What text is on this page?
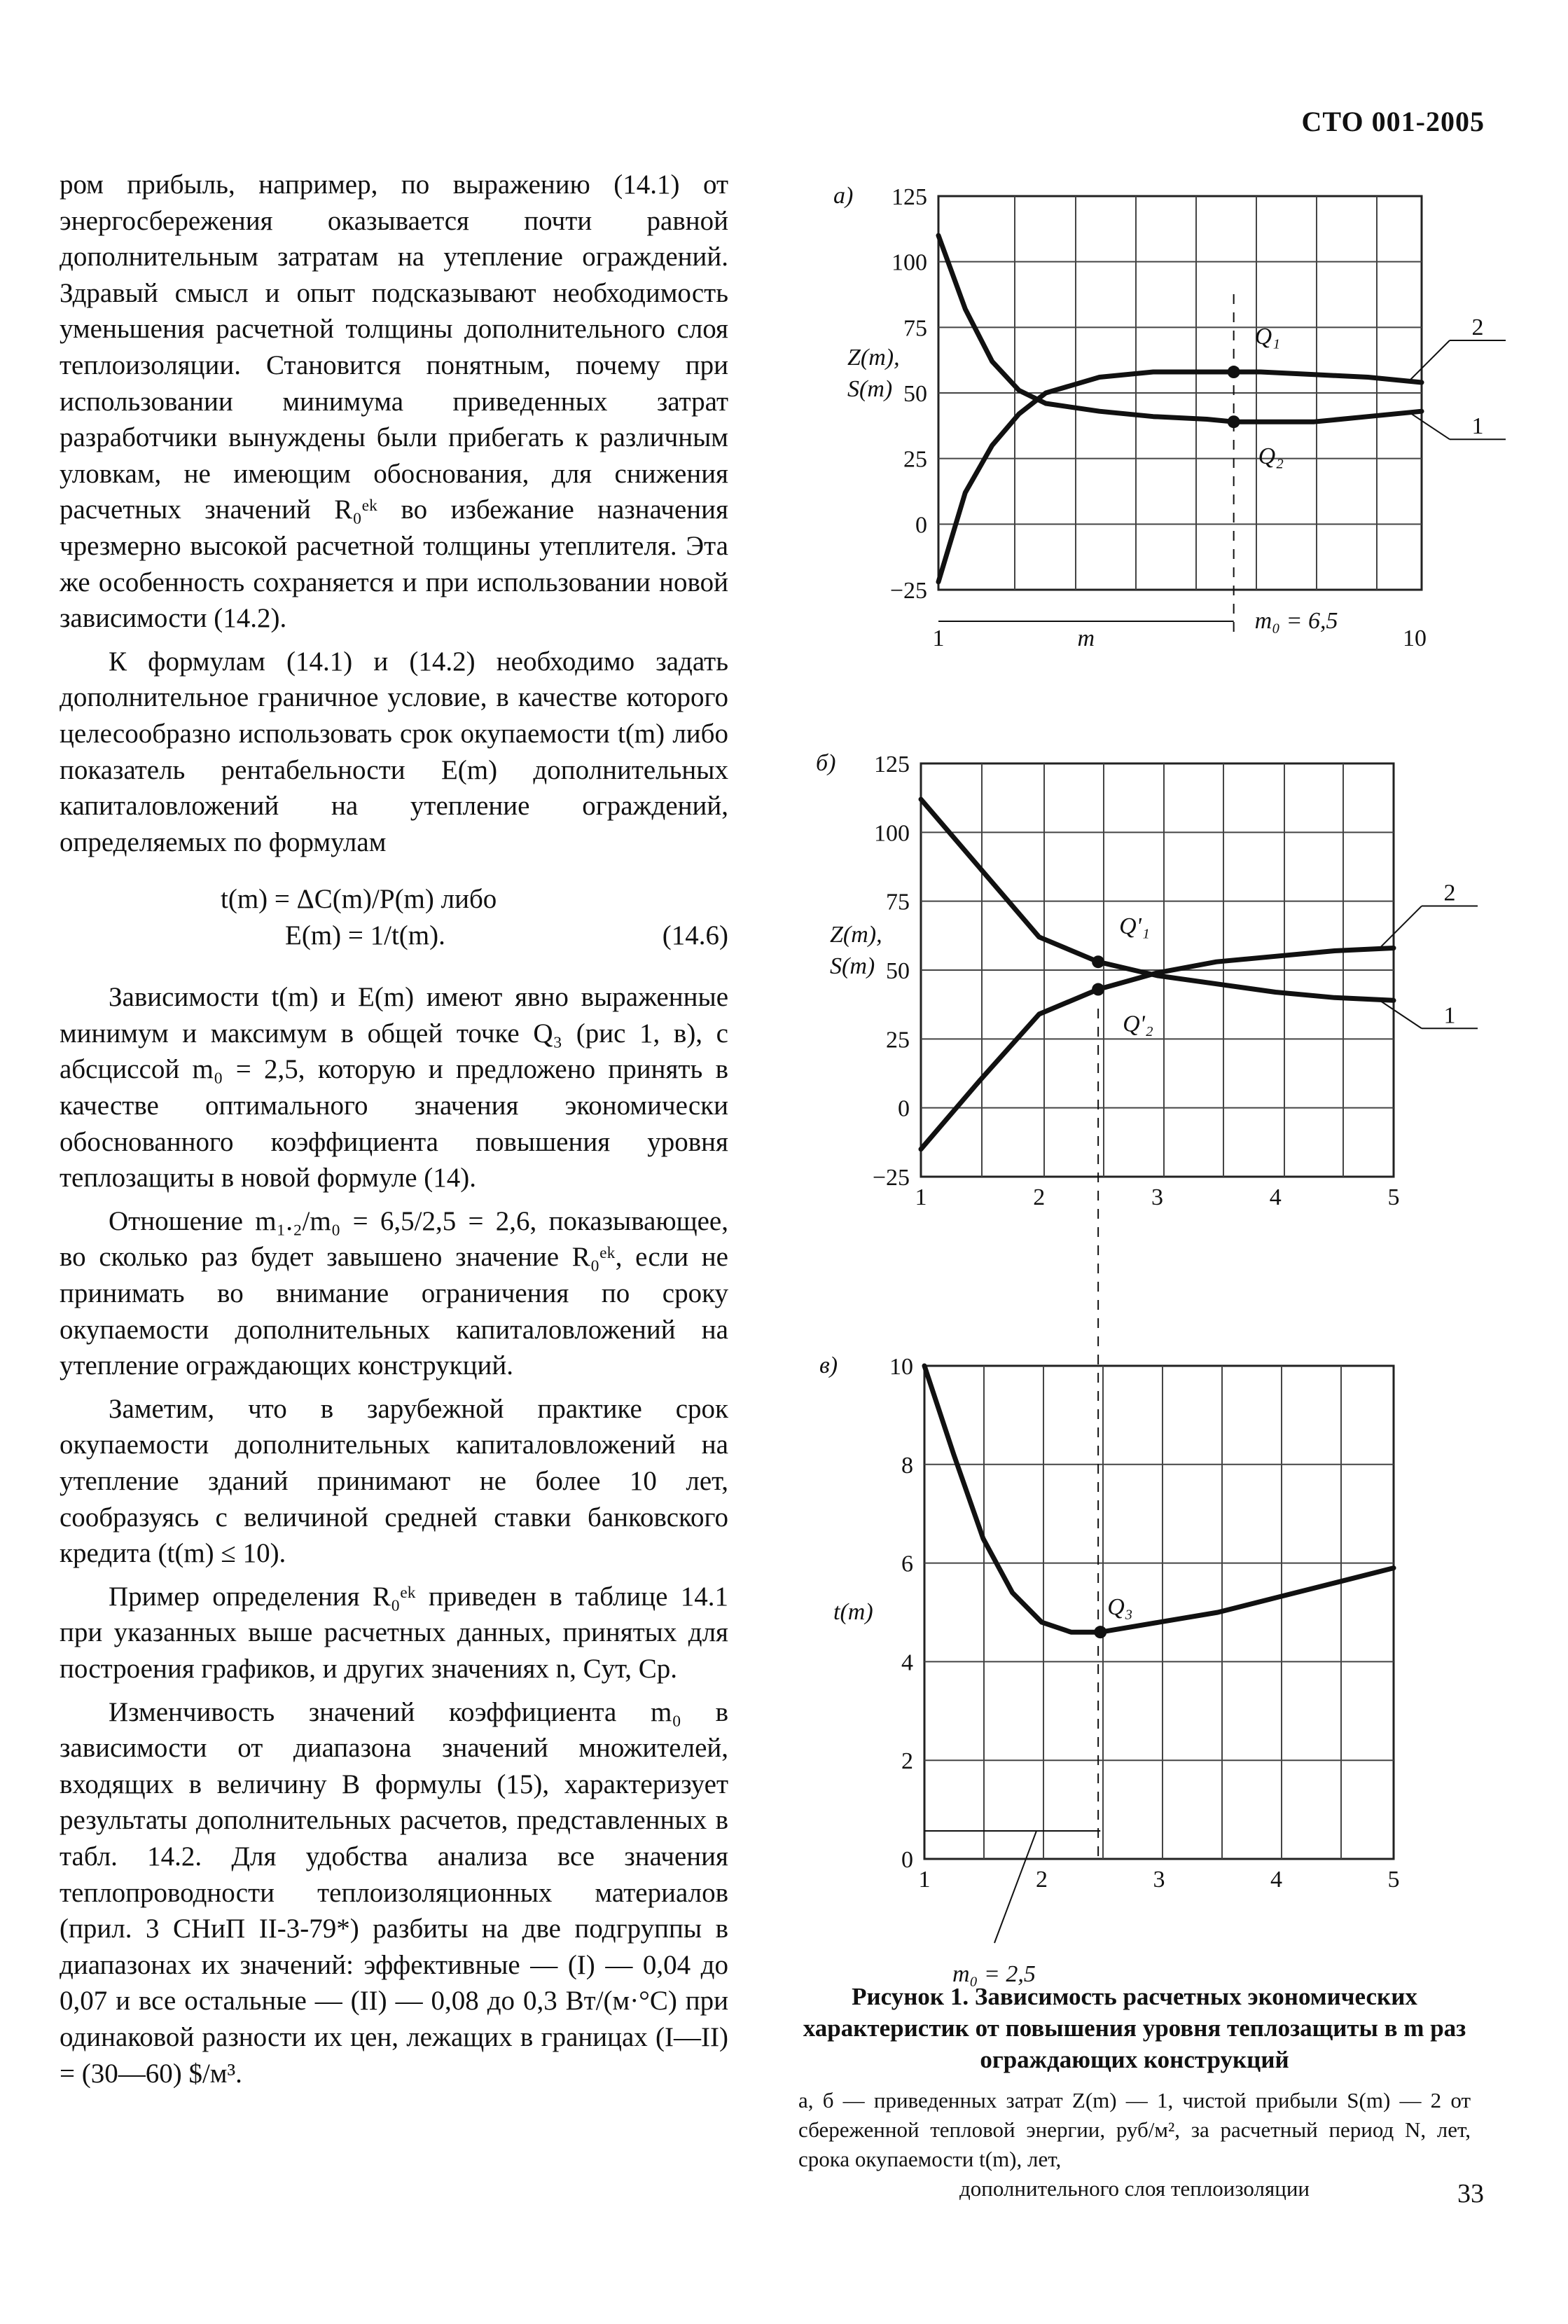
СТО 001-2005

ром прибыль, например, по выражению (14.1) от энергосбережения оказывается почти равной дополнительным затратам на утепление ограждений. Здравый смысл и опыт подсказывают необходимость уменьшения расчетной толщины дополнительного слоя теплоизоляции. Становится понятным, почему при использовании минимума приведенных затрат разработчики вынуждены были прибегать к различным уловкам, не имеющим обоснования, для снижения расчетных значений R₀ᵉᵏ во избежание назначения чрезмерно высокой расчетной толщины утеплителя. Эта же особенность сохраняется и при использовании новой зависимости (14.2).

К формулам (14.1) и (14.2) необходимо задать дополнительное граничное условие, в качестве которого целесообразно использовать срок окупаемости t(m) либо показатель рентабельности E(m) дополнительных капиталовложений на утепление ограждений, определяемых по формулам

t(m) = ΔC(m)/P(m) либо
E(m) = 1/t(m).	(14.6)

Зависимости t(m) и E(m) имеют явно выраженные минимум и максимум в общей точке Q₃ (рис 1, в), с абсциссой m₀ = 2,5, которую и предложено принять в качестве оптимального значения экономически обоснованного коэффициента повышения уровня теплозащиты в новой формуле (14).

Отношение m₁.₂/m₀ = 6,5/2,5 = 2,6, показывающее, во сколько раз будет завышено значение R₀ᵉᵏ, если не принимать во внимание ограничения по сроку окупаемости дополнительных капиталовложений на утепление ограждающих конструкций.

Заметим, что в зарубежной практике срок окупаемости дополнительных капиталовложений на утепление зданий принимают не более 10 лет, сообразуясь с величиной средней ставки банковского кредита (t(m) ≤ 10).

Пример определения R₀ᵉᵏ приведен в таблице 14.1 при указанных выше расчетных данных, принятых для построения графиков, и других значениях n, Cут, Cр.

Изменчивость значений коэффициента m₀ в зависимости от диапазона значений множителей, входящих в величину B формулы (15), характеризует результаты дополнительных расчетов, представленных в табл. 14.2. Для удобства анализа все значения теплопроводности теплоизоляционных материалов (прил. 3 СНиП II-3-79*) разбиты на две подгруппы в диапазонах их значений: эффективные — (I) — 0,04 до 0,07 и все остальные — (II) — 0,08 до 0,3 Вт/(м·°С) при одинаковой разности их цен, лежащих в границах (I—II) = (30—60) $/м³.

125
100
75
50
25
0
−25
1	10
а)
Z(m),
S(m)
1
2
Q₁
Q₂
m
m₀ = 6,5
125
100
75
50
25
0
−25
1	2	3	4	5
б)
Z(m),
S(m)
1
2
Q'₁
Q'₂
10
8
6
4
2
0
1	2	3	4	5
в)
t(m)	Q₃
m₀ = 2,5
Рисунок 1. Зависимость расчетных экономических характеристик от повышения уровня теплозащиты в m раз ограждающих конструкций
а, б — приведенных затрат Z(m) — 1, чистой прибыли S(m) — 2 от сбереженной тепловой энергии, руб/м², за расчетный период N, лет, срока окупаемости t(m), лет,
дополнительного слоя теплоизоляции	33
